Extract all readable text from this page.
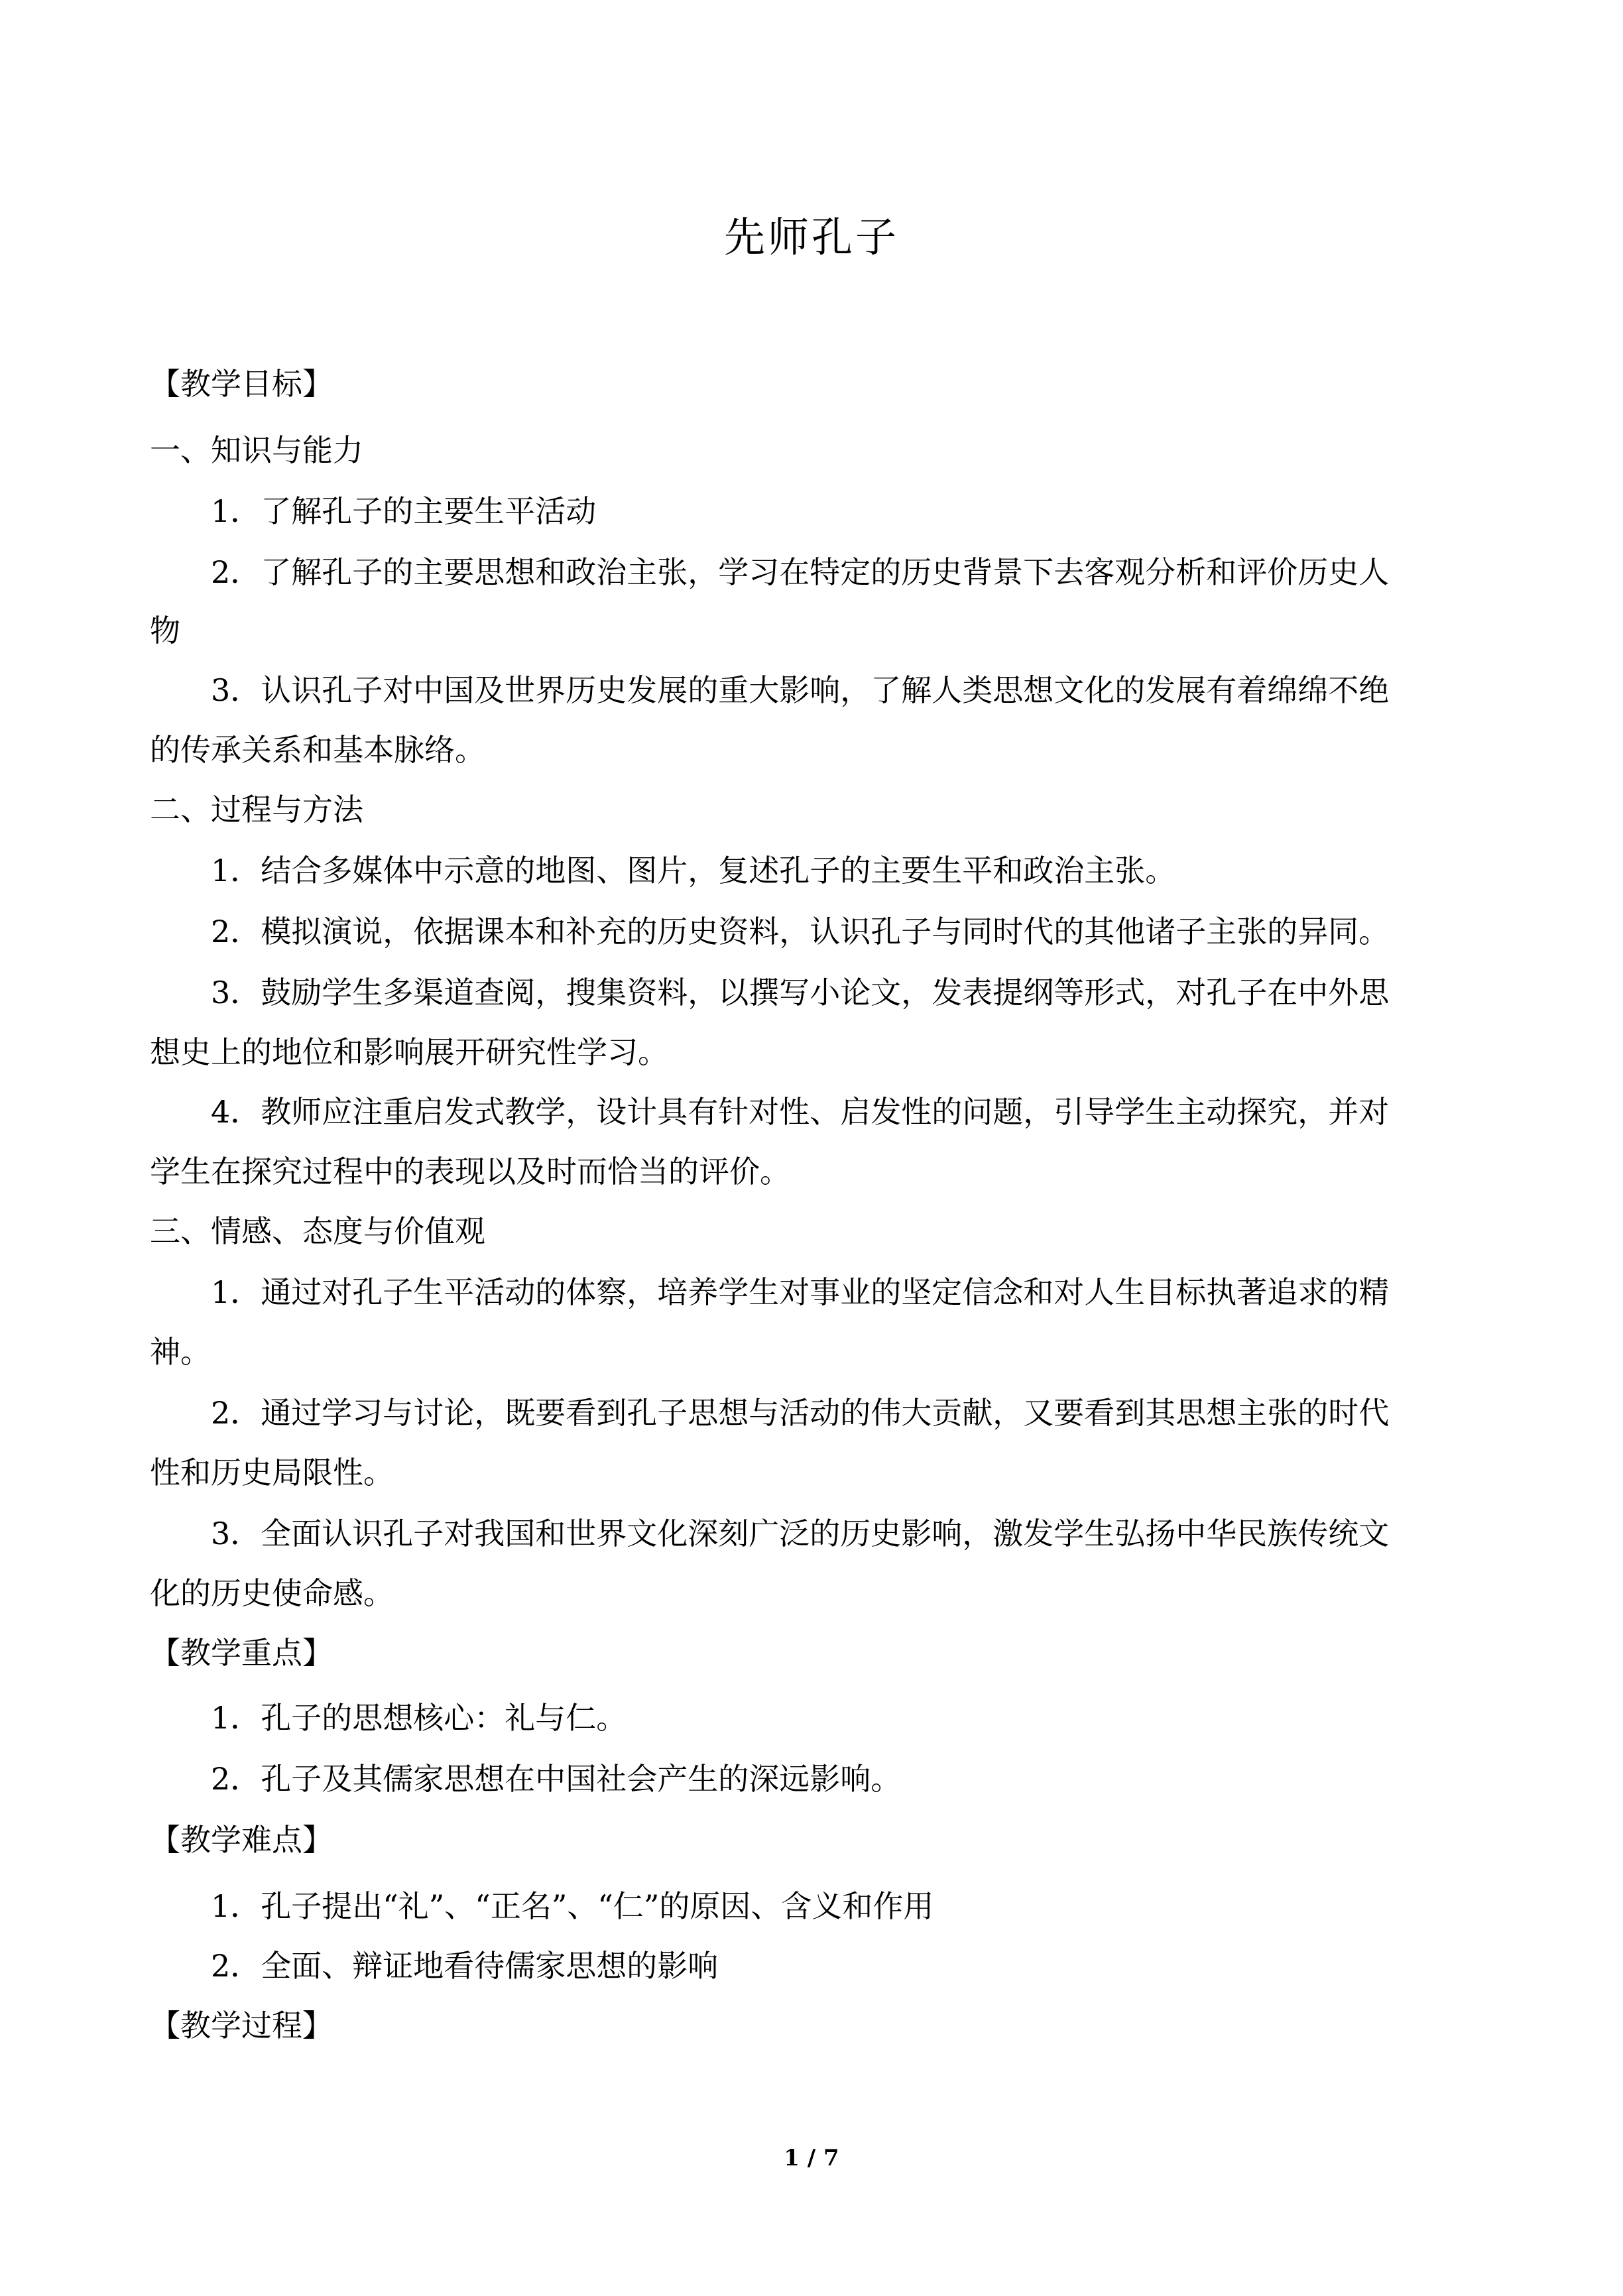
先师孔子
【教学目标】
一、知识与能力
1．了解孔子的主要生平活动
2．了解孔子的主要思想和政治主张，学习在特定的历史背景下去客观分析和评价历史人
物
3．认识孔子对中国及世界历史发展的重大影响，了解人类思想文化的发展有着绵绵不绝
的传承关系和基本脉络。
二、过程与方法
1．结合多媒体中示意的地图、图片，复述孔子的主要生平和政治主张。
2．模拟演说，依据课本和补充的历史资料，认识孔子与同时代的其他诸子主张的异同。
3．鼓励学生多渠道查阅，搜集资料，以撰写小论文，发表提纲等形式，对孔子在中外思
想史上的地位和影响展开研究性学习。
4．教师应注重启发式教学，设计具有针对性、启发性的问题，引导学生主动探究，并对
学生在探究过程中的表现以及时而恰当的评价。
三、情感、态度与价值观
1．通过对孔子生平活动的体察，培养学生对事业的坚定信念和对人生目标执著追求的精
神。
2．通过学习与讨论，既要看到孔子思想与活动的伟大贡献，又要看到其思想主张的时代
性和历史局限性。
3．全面认识孔子对我国和世界文化深刻广泛的历史影响，激发学生弘扬中华民族传统文
化的历史使命感。
【教学重点】
1．孔子的思想核心：礼与仁。
2．孔子及其儒家思想在中国社会产生的深远影响。
【教学难点】
1．孔子提出“礼”、“正名”、“仁”的原因、含义和作用
2．全面、辩证地看待儒家思想的影响
【教学过程】
1 / 7
